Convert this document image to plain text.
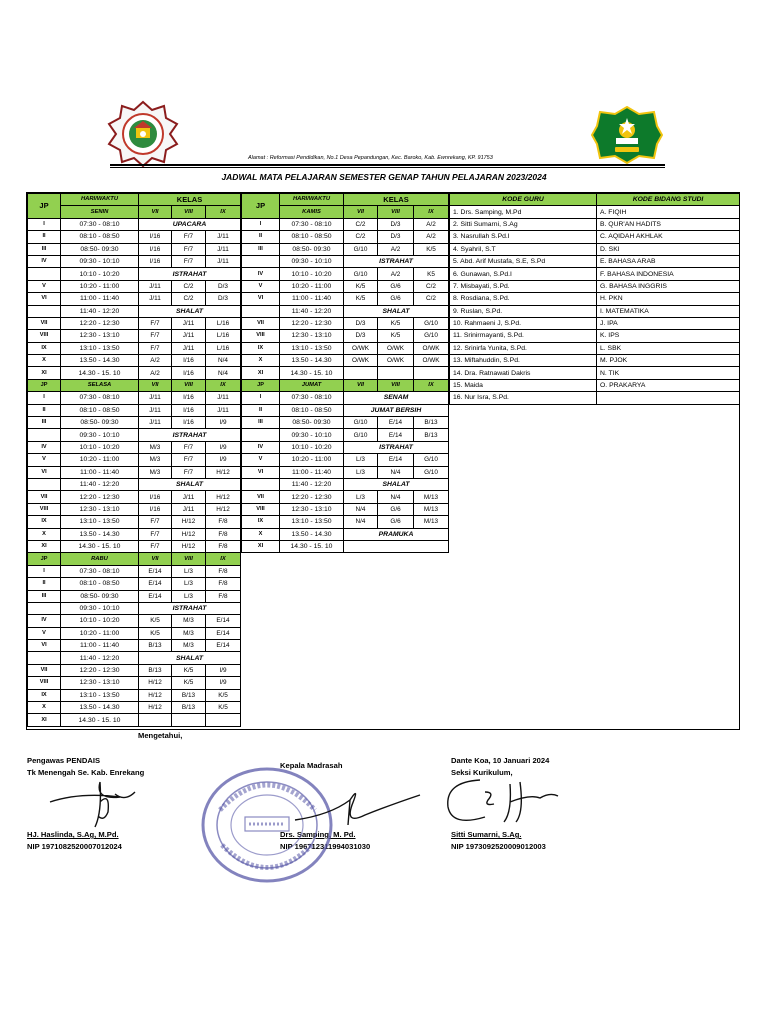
Alamat : Reformasi Pendidikan, No.1 Desa Pepandungan, Kec. Baroko, Kab. Ewnrekang, KP. 91753
JADWAL MATA PELAJARAN SEMESTER GENAP TAHUN PELAJARAN 2023/2024
JP	HARI/WAKTU	KELAS		
	SENIN	VII	VIII	IX
I	07:30 - 08:10	UPACARA		
II	08:10 - 08:50	I/16	F/7	J/11
III	08:50- 09:30	I/16	F/7	J/11
IV	09:30 - 10:10	I/16	F/7	J/11
	10:10 - 10:20	ISTRAHAT		
V	10:20 - 11:00	J/11	C/2	D/3
VI	11:00 - 11:40	J/11	C/2	D/3
	11:40 - 12:20	SHALAT		
VII	12:20 - 12:30	F/7	J/11	L/16
VIII	12:30 - 13:10	F/7	J/11	L/16
IX	13:10 - 13:50	F/7	J/11	L/16
X	13.50 - 14.30	A/2	I/16	N/4
XI	14.30 - 15. 10	A/2	I/16	N/4
JP	SELASA	VII	VIII	IX
I	07:30 - 08:10	J/11	I/16	J/11
II	08:10 - 08:50	J/11	I/16	J/11
III	08:50- 09:30	J/11	I/16	I/9
	09:30 - 10:10	ISTRAHAT		
IV	10:10 - 10:20	M/3	F/7	I/9
V	10:20 - 11:00	M/3	F/7	I/9
VI	11:00 - 11:40	M/3	F/7	H/12
	11:40 - 12:20	SHALAT		
VII	12:20 - 12:30	I/16	J/11	H/12
VIII	12:30 - 13:10	I/16	J/11	H/12
IX	13:10 - 13:50	F/7	H/12	F/8
X	13.50 - 14.30	F/7	H/12	F/8
XI	14.30 - 15. 10	F/7	H/12	F/8
JP	RABU	VII	VIII	IX
I	07:30 - 08:10	E/14	L/3	F/8
II	08:10 - 08:50	E/14	L/3	F/8
III	08:50- 09:30	E/14	L/3	F/8
	09:30 - 10:10	ISTRAHAT		
IV	10:10 - 10:20	K/5	M/3	E/14
V	10:20 - 11:00	K/5	M/3	E/14
VI	11:00 - 11:40	B/13	M/3	E/14
	11:40 - 12:20	SHALAT		
VII	12:20 - 12:30	B/13	K/5	I/9
VIII	12:30 - 13:10	H/12	K/5	I/9
IX	13:10 - 13:50	H/12	B/13	K/5
X	13.50 - 14.30	H/12	B/13	K/5
XI	14.30 - 15. 10			
JP	HARI/WAKTU	KELAS		
	KAMIS	VII	VIII	IX
I	07:30 - 08:10	C/2	D/3	A/2
II	08:10 - 08:50	C/2	D/3	A/2
III	08:50- 09:30	G/10	A/2	K/5
	09:30 - 10:10	ISTRAHAT		
IV	10:10 - 10:20	G/10	A/2	K5
V	10:20 - 11:00	K/5	G/6	C/2
VI	11:00 - 11:40	K/5	G/6	C/2
	11:40 - 12:20	SHALAT		
VII	12:20 - 12:30	D/3	K/5	G/10
VIII	12:30 - 13:10	D/3	K/5	G/10
IX	13:10 - 13:50	O/WK	O/WK	O/WK
X	13.50 - 14.30	O/WK	O/WK	O/WK
XI	14.30 - 15. 10			
JP	JUMAT	VII	VIII	IX
I	07:30 - 08:10	SENAM		
II	08:10 - 08:50	JUMAT BERSIH		
III	08:50- 09:30	G/10	E/14	B/13
	09:30 - 10:10	G/10	E/14	B/13
IV	10:10 - 10:20	ISTRAHAT		
V	10:20 - 11:00	L/3	E/14	G/10
VI	11:00 - 11:40	L/3	N/4	G/10
	11:40 - 12:20	SHALAT		
VII	12:20 - 12:30	L/3	N/4	M/13
VIII	12:30 - 13:10	N/4	G/6	M/13
IX	13:10 - 13:50	N/4	G/6	M/13
X	13.50 - 14.30	PRAMUKA		
XI	14.30 - 15. 10			
KODE GURU	KODE BIDANG STUDI

1. Drs. Samping, M.Pd	A. FIQIH
2. Sitti Sumarni, S.Ag	B. QUR'AN HADITS
3. Nasrullah S.Pd.I	C. AQIDAH AKHLAK
4. Syahril, S.T	D. SKI
5. Abd. Arif Mustafa, S.E, S.Pd	E. BAHASA ARAB
6. Gunawan, S.Pd.I	F. BAHASA INDONESIA
7. Misbayati, S.Pd.	G. BAHASA INGGRIS
8. Rosdiana, S.Pd.	H. PKN
9. Ruslan, S.Pd.	I. MATEMATIKA
10. Rahmaeni J, S.Pd.	J. IPA
11. Srinirmayanti, S.Pd.	K. IPS
12. Srinirfa Yunita, S.Pd.	L. SBK
13. Miftahuddin, S.Pd.	M. PJOK
14. Dra. Ratnawati Dakris	N. TIK
15. Maida	O. PRAKARYA
16. Nur Isra, S.Pd.	
Mengetahui,
Pengawas PENDAIS
Tk Menengah Se. Kab. Enrekang
HJ. Haslinda, S.Ag, M.Pd.
NIP 197108252000701202​4
Kepala Madrasah
Drs. Samping, M. Pd.
NIP 196712311994031030
Dante Koa, 10 Januari 2024
Seksi Kurikulum,
Sitti Sumarni, S.Ag.
NIP 197309252000901200​3
